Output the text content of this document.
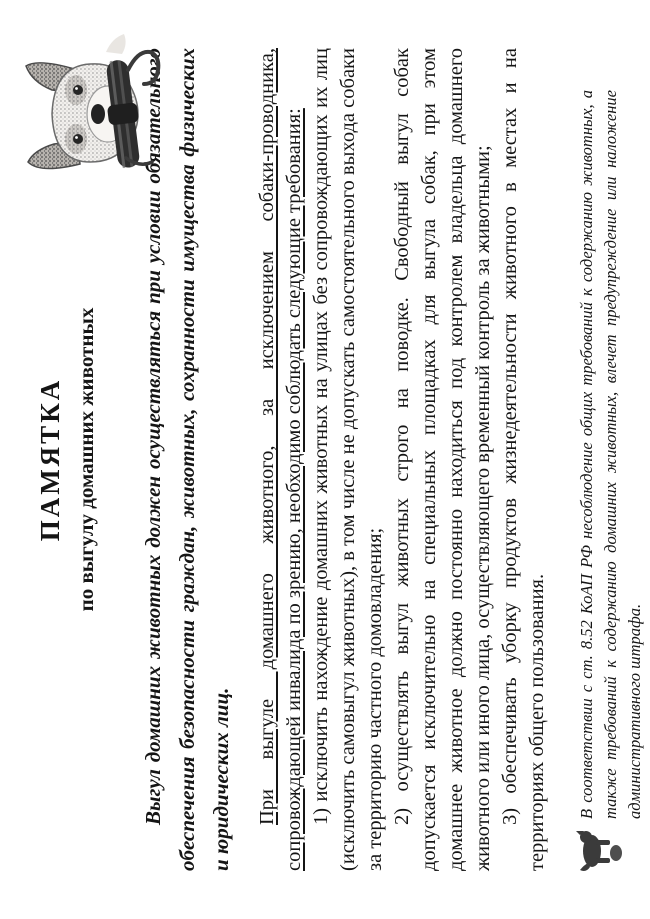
ПАМЯТКА по выгулу домашних животных Выгул домашних животных должен осуществляться при условии обязательного обеспечения безопасности граждан, животных, сохранности имущества физических и юридических лиц. При выгуле домашнего животного, за исключением собаки-проводника, сопровождающей инвалида по зрению, необходимо соблюдать следующие требования: 1) исключить нахождение домашних животных на улицах без сопровождающих их лиц (исключить самовыгул животных), в том числе не допускать самостоятельного выхода собаки за территорию частного домовладения; 2) осуществлять выгул животных строго на поводке. Свободный выгул собак допускается исключительно на специальных площадках для выгула собак, при этом домашнее животное должно постоянно находиться под контролем владельца домашнего животного или иного лица, осуществляющего временный контроль за животными; 3) обеспечивать уборку продуктов жизнедеятельности животного в местах и на территориях общего пользования. В соответствии с ст. 8.52 КоАП РФ несоблюдение общих требований к содержанию животных, а также требований к содержанию домашних животных, влечет предупреждение или наложение административного штрафа.
